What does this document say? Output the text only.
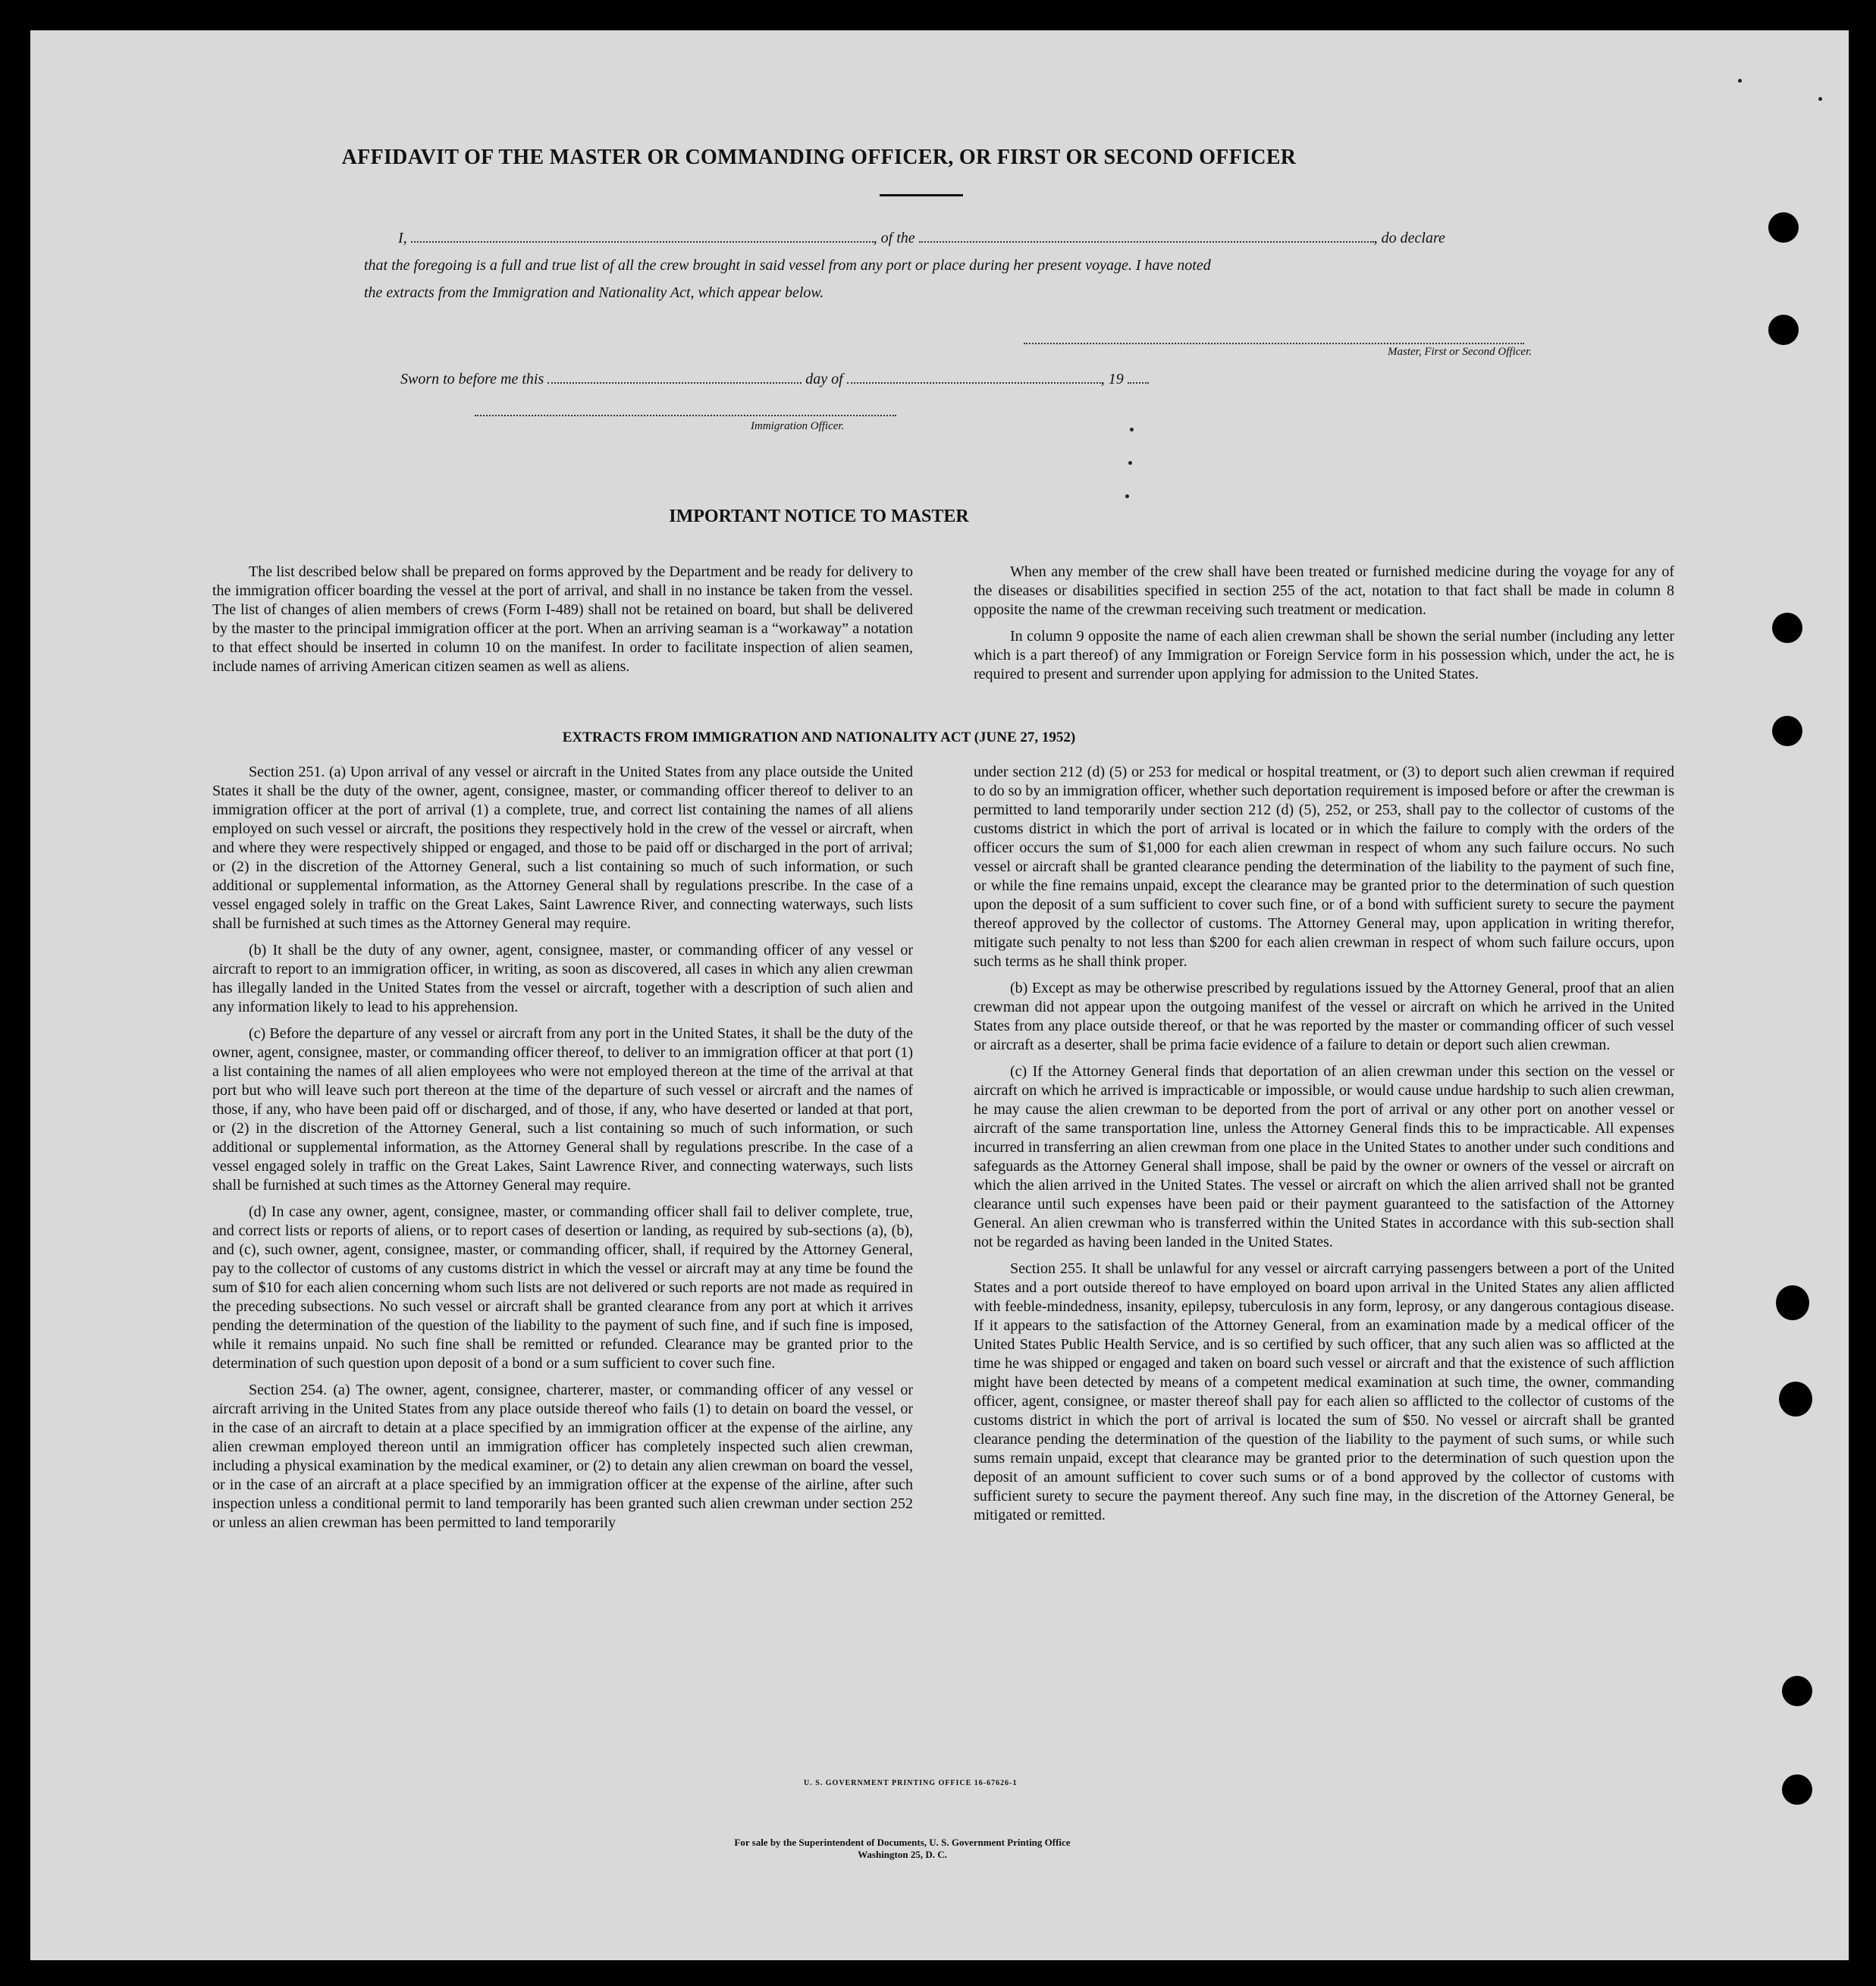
AFFIDAVIT OF THE MASTER OR COMMANDING OFFICER, OR FIRST OR SECOND OFFICER
I,	, of the	, do declare
that the foregoing is a full and true list of all the crew brought in said vessel from any port or place during her present voyage. I have noted
the extracts from the Immigration and Nationality Act, which appear below.
Master, First or Second Officer.
Sworn to before me this	day of	, 19
Immigration Officer.
IMPORTANT NOTICE TO MASTER

The list described below shall be prepared on forms approved by the Department and be ready for delivery to the immigration officer boarding the vessel at the port of arrival, and shall in no instance be taken from the vessel. The list of changes of alien members of crews (Form I-489) shall not be retained on board, but shall be delivered by the master to the principal immigration officer at the port. When an arriving seaman is a “workaway” a notation to that effect should be inserted in column 10 on the manifest. In order to facilitate inspection of alien seamen, include names of arriving American citizen seamen as well as aliens.

When any member of the crew shall have been treated or furnished medicine during the voyage for any of the diseases or disabilities specified in section 255 of the act, notation to that fact shall be made in column 8 opposite the name of the crewman receiving such treatment or medication.

In column 9 opposite the name of each alien crewman shall be shown the serial number (including any letter which is a part thereof) of any Immigration or Foreign Service form in his possession which, under the act, he is required to present and surrender upon applying for admission to the United States.

EXTRACTS FROM IMMIGRATION AND NATIONALITY ACT (JUNE 27, 1952)

Section 251. (a) Upon arrival of any vessel or aircraft in the United States from any place outside the United States it shall be the duty of the owner, agent, consignee, master, or commanding officer thereof to deliver to an immigration officer at the port of arrival (1) a complete, true, and correct list containing the names of all aliens employed on such vessel or aircraft, the positions they respectively hold in the crew of the vessel or aircraft, when and where they were respectively shipped or engaged, and those to be paid off or discharged in the port of arrival; or (2) in the discretion of the Attorney General, such a list containing so much of such information, or such additional or supplemental information, as the Attorney General shall by regulations prescribe. In the case of a vessel engaged solely in traffic on the Great Lakes, Saint Lawrence River, and connecting waterways, such lists shall be furnished at such times as the Attorney General may require.

(b) It shall be the duty of any owner, agent, consignee, master, or commanding officer of any vessel or aircraft to report to an immigration officer, in writing, as soon as discovered, all cases in which any alien crewman has illegally landed in the United States from the vessel or aircraft, together with a description of such alien and any information likely to lead to his apprehension.

(c) Before the departure of any vessel or aircraft from any port in the United States, it shall be the duty of the owner, agent, consignee, master, or commanding officer thereof, to deliver to an immigration officer at that port (1) a list containing the names of all alien employees who were not employed thereon at the time of the arrival at that port but who will leave such port thereon at the time of the departure of such vessel or aircraft and the names of those, if any, who have been paid off or discharged, and of those, if any, who have deserted or landed at that port, or (2) in the discretion of the Attorney General, such a list containing so much of such information, or such additional or supplemental information, as the Attorney General shall by regulations prescribe. In the case of a vessel engaged solely in traffic on the Great Lakes, Saint Lawrence River, and connecting waterways, such lists shall be furnished at such times as the Attorney General may require.

(d) In case any owner, agent, consignee, master, or commanding officer shall fail to deliver complete, true, and correct lists or reports of aliens, or to report cases of desertion or landing, as required by sub-sections (a), (b), and (c), such owner, agent, consignee, master, or commanding officer, shall, if required by the Attorney General, pay to the collector of customs of any customs district in which the vessel or aircraft may at any time be found the sum of $10 for each alien concerning whom such lists are not delivered or such reports are not made as required in the preceding subsections. No such vessel or aircraft shall be granted clearance from any port at which it arrives pending the determination of the question of the liability to the payment of such fine, and if such fine is imposed, while it remains unpaid. No such fine shall be remitted or refunded. Clearance may be granted prior to the determination of such question upon deposit of a bond or a sum sufficient to cover such fine.

Section 254. (a) The owner, agent, consignee, charterer, master, or commanding officer of any vessel or aircraft arriving in the United States from any place outside thereof who fails (1) to detain on board the vessel, or in the case of an aircraft to detain at a place specified by an immigration officer at the expense of the airline, any alien crewman employed thereon until an immigration officer has completely inspected such alien crewman, including a physical examination by the medical examiner, or (2) to detain any alien crewman on board the vessel, or in the case of an aircraft at a place specified by an immigration officer at the expense of the airline, after such inspection unless a conditional permit to land temporarily has been granted such alien crewman under section 252 or unless an alien crewman has been permitted to land temporarily

under section 212 (d) (5) or 253 for medical or hospital treatment, or (3) to deport such alien crewman if required to do so by an immigration officer, whether such deportation requirement is imposed before or after the crewman is permitted to land temporarily under section 212 (d) (5), 252, or 253, shall pay to the collector of customs of the customs district in which the port of arrival is located or in which the failure to comply with the orders of the officer occurs the sum of $1,000 for each alien crewman in respect of whom any such failure occurs. No such vessel or aircraft shall be granted clearance pending the determination of the liability to the payment of such fine, or while the fine remains unpaid, except the clearance may be granted prior to the determination of such question upon the deposit of a sum sufficient to cover such fine, or of a bond with sufficient surety to secure the payment thereof approved by the collector of customs. The Attorney General may, upon application in writing therefor, mitigate such penalty to not less than $200 for each alien crewman in respect of whom such failure occurs, upon such terms as he shall think proper.

(b) Except as may be otherwise prescribed by regulations issued by the Attorney General, proof that an alien crewman did not appear upon the outgoing manifest of the vessel or aircraft on which he arrived in the United States from any place outside thereof, or that he was reported by the master or commanding officer of such vessel or aircraft as a deserter, shall be prima facie evidence of a failure to detain or deport such alien crewman.

(c) If the Attorney General finds that deportation of an alien crewman under this section on the vessel or aircraft on which he arrived is impracticable or impossible, or would cause undue hardship to such alien crewman, he may cause the alien crewman to be deported from the port of arrival or any other port on another vessel or aircraft of the same transportation line, unless the Attorney General finds this to be impracticable. All expenses incurred in transferring an alien crewman from one place in the United States to another under such conditions and safeguards as the Attorney General shall impose, shall be paid by the owner or owners of the vessel or aircraft on which the alien arrived in the United States. The vessel or aircraft on which the alien arrived shall not be granted clearance until such expenses have been paid or their payment guaranteed to the satisfaction of the Attorney General. An alien crewman who is transferred within the United States in accordance with this sub-section shall not be regarded as having been landed in the United States.

Section 255. It shall be unlawful for any vessel or aircraft carrying passengers between a port of the United States and a port outside thereof to have employed on board upon arrival in the United States any alien afflicted with feeble-mindedness, insanity, epilepsy, tuberculosis in any form, leprosy, or any dangerous contagious disease. If it appears to the satisfaction of the Attorney General, from an examination made by a medical officer of the United States Public Health Service, and is so certified by such officer, that any such alien was so afflicted at the time he was shipped or engaged and taken on board such vessel or aircraft and that the existence of such affliction might have been detected by means of a competent medical examination at such time, the owner, commanding officer, agent, consignee, or master thereof shall pay for each alien so afflicted to the collector of customs of the customs district in which the port of arrival is located the sum of $50. No vessel or aircraft shall be granted clearance pending the determination of the question of the liability to the payment of such sums, or while such sums remain unpaid, except that clearance may be granted prior to the determination of such question upon the deposit of an amount sufficient to cover such sums or of a bond approved by the collector of customs with sufficient surety to secure the payment thereof. Any such fine may, in the discretion of the Attorney General, be mitigated or remitted.

U. S. GOVERNMENT PRINTING OFFICE 16-67626-1
For sale by the Superintendent of Documents, U. S. Government Printing Office
Washington 25, D. C.
